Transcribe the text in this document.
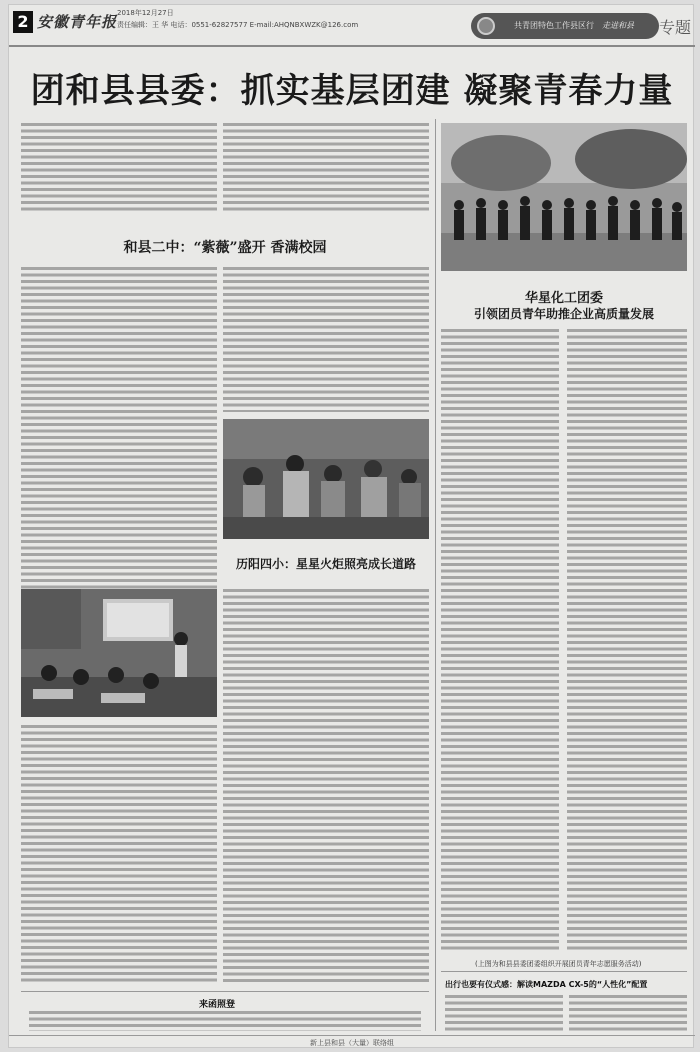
2 安徽青年报 2018年12月27日
责任编辑：王 华 电话：0551-62827577 E-mail:AHQNBXWZK@126.com	共青团特色工作县区行 走进和县	专题
团和县县委：抓实基层团建 凝聚青春力量
和县二中：“紫薇”盛开 香满校园
历阳四小：星星火炬照亮成长道路
来函照登
华星化工团委
引领团员青年助推企业高质量发展
(上图为和县县委团委组织开展团员青年志愿服务活动)
出行也要有仪式感：解读MAZDA CX-5的“人性化”配置
新上县和县（大量）联络组
